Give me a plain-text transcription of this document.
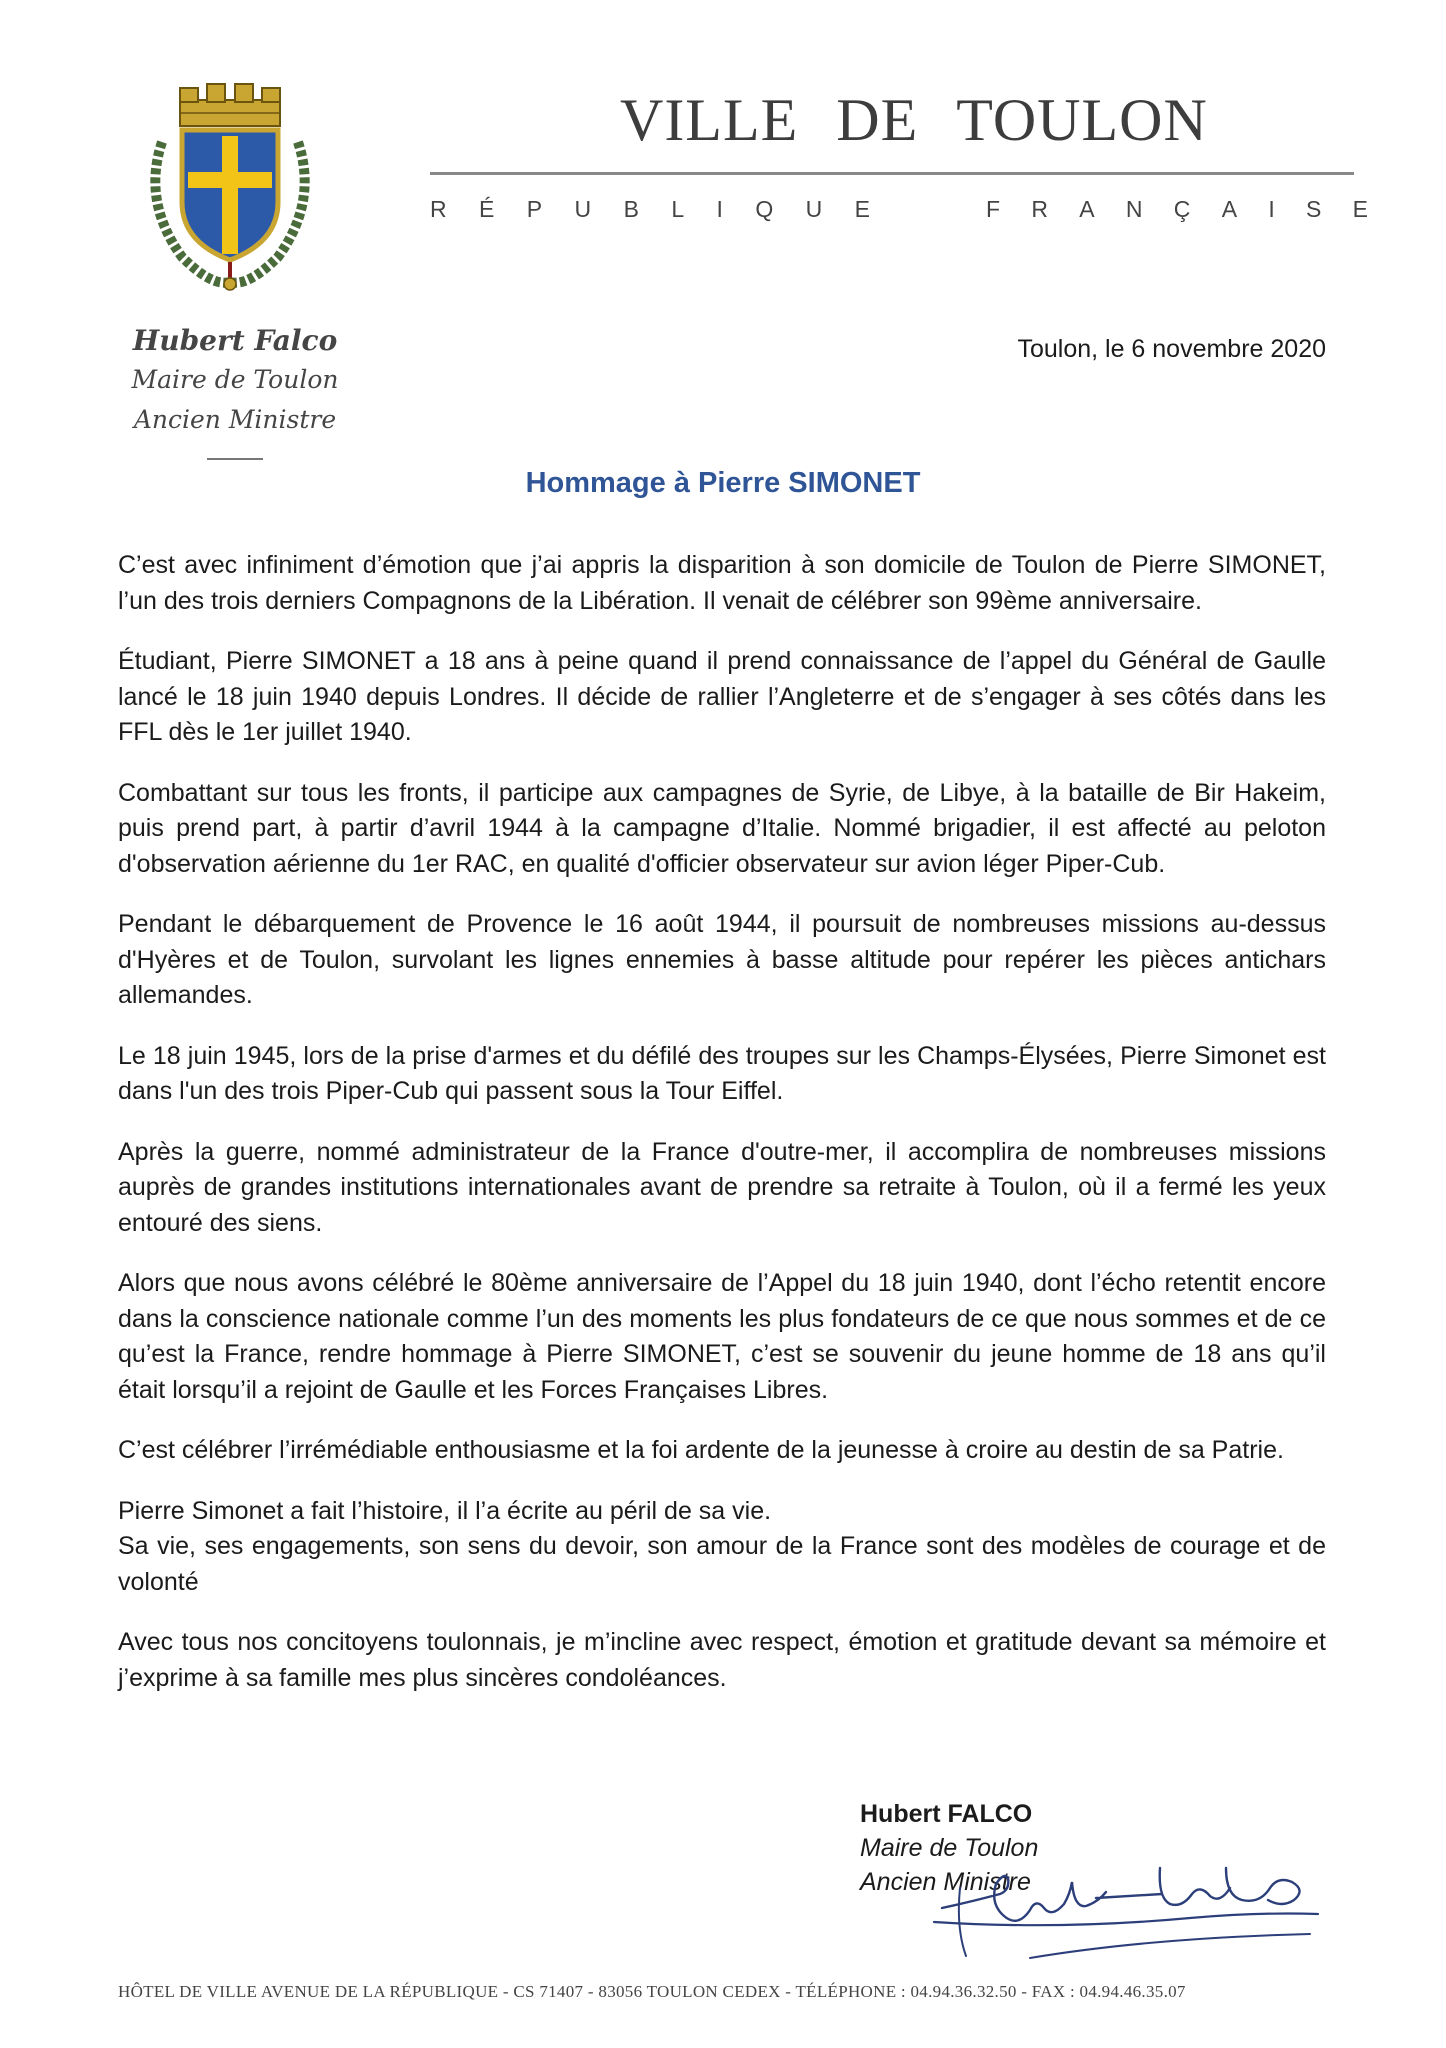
Hubert Falco
Maire de Toulon
Ancien Ministre
VILLE DE TOULON
R É P U B L I Q U E	F R A N Ç A I S E
Toulon, le 6 novembre 2020
Hommage à Pierre SIMONET

C’est avec infiniment d’émotion que j’ai appris la disparition à son domicile de Toulon de Pierre SIMONET, l’un des trois derniers Compagnons de la Libération. Il venait de célébrer son 99ème anniversaire.

Étudiant, Pierre SIMONET a 18 ans à peine quand il prend connaissance de l’appel du Général de Gaulle lancé le 18 juin 1940 depuis Londres. Il décide de rallier l’Angleterre et de s’engager à ses côtés dans les FFL dès le 1er juillet 1940.

Combattant sur tous les fronts, il participe aux campagnes de Syrie, de Libye, à la bataille de Bir Hakeim, puis prend part, à partir d’avril 1944 à la campagne d’Italie. Nommé brigadier, il est affecté au peloton d'observation aérienne du 1er RAC, en qualité d'officier observateur sur avion léger Piper-Cub.

Pendant le débarquement de Provence le 16 août 1944, il poursuit de nombreuses missions au-dessus d'Hyères et de Toulon, survolant les lignes ennemies à basse altitude pour repérer les pièces antichars allemandes.

Le 18 juin 1945, lors de la prise d'armes et du défilé des troupes sur les Champs-Élysées, Pierre Simonet est dans l'un des trois Piper-Cub qui passent sous la Tour Eiffel.

Après la guerre, nommé administrateur de la France d'outre-mer, il accomplira de nombreuses missions auprès de grandes institutions internationales avant de prendre sa retraite à Toulon, où il a fermé les yeux entouré des siens.

Alors que nous avons célébré le 80ème anniversaire de l’Appel du 18 juin 1940, dont l’écho retentit encore dans la conscience nationale comme l’un des moments les plus fondateurs de ce que nous sommes et de ce qu’est la France, rendre hommage à Pierre SIMONET, c’est se souvenir du jeune homme de 18 ans qu’il était lorsqu’il a rejoint de Gaulle et les Forces Françaises Libres.

C’est célébrer l’irrémédiable enthousiasme et la foi ardente de la jeunesse à croire au destin de sa Patrie.

Pierre Simonet a fait l’histoire, il l’a écrite au péril de sa vie.

Sa vie, ses engagements, son sens du devoir, son amour de la France sont des modèles de courage et de volonté

Avec tous nos concitoyens toulonnais, je m’incline avec respect, émotion et gratitude devant sa mémoire et j’exprime à sa famille mes plus sincères condoléances.

Hubert FALCO
Maire de Toulon
Ancien Ministre
HÔTEL DE VILLE AVENUE DE LA RÉPUBLIQUE - CS 71407 - 83056 TOULON CEDEX - TÉLÉPHONE : 04.94.36.32.50 - FAX : 04.94.46.35.07
